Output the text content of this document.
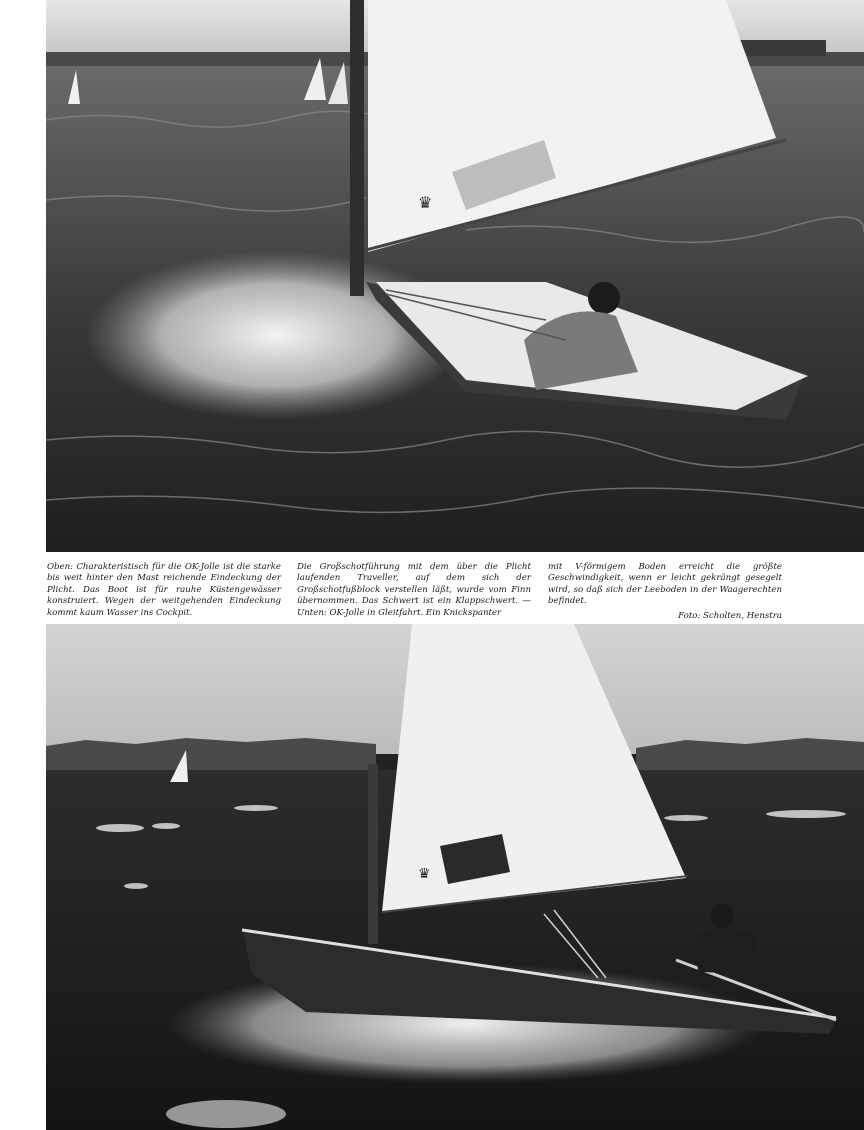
♛

Oben: Charakteristisch für die OK-Jolle ist die starke bis weit hinter den Mast reichende Eindeckung der Plicht. Das Boot ist für rauhe Küstengewässer konstruiert. Wegen der weitgehenden Eindeckung kommt kaum Wasser ins Cockpit.

Die Großschotführung mit dem über die Plicht laufenden Traveller, auf dem sich der Großschotfußblock verstellen läßt, wurde vom Finn übernommen. Das Schwert ist ein Klappschwert. — Unten: OK-Jolle in Gleitfahrt. Ein Knickspanter

mit V-förmigem Boden erreicht die größte Geschwindigkeit, wenn er leicht gekrängt gesegelt wird, so daß sich der Leeboden in der Waagerechten befindet.
Foto: Scholten, Henstra
♛
